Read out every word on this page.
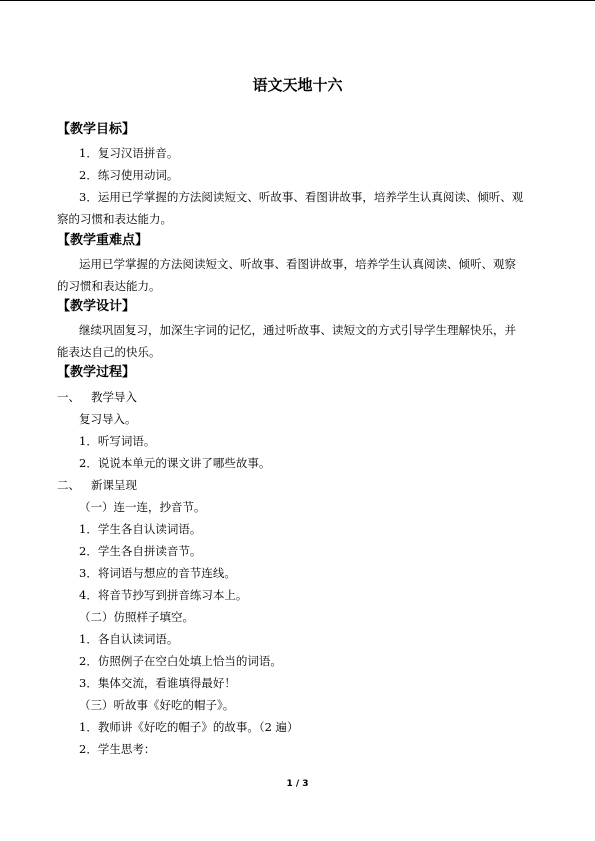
语文天地十六
【教学目标】
1．复习汉语拼音。
2．练习使用动词。
3．运用已学掌握的方法阅读短文、听故事、看图讲故事，培养学生认真阅读、倾听、观
察的习惯和表达能力。
【教学重难点】
运用已学掌握的方法阅读短文、听故事、看图讲故事，培养学生认真阅读、倾听、观察
的习惯和表达能力。
【教学设计】
继续巩固复习，加深生字词的记忆，通过听故事、读短文的方式引导学生理解快乐，并
能表达自己的快乐。
【教学过程】
一、 教学导入
复习导入。
1．听写词语。
2．说说本单元的课文讲了哪些故事。
二、 新课呈现
（一）连一连，抄音节。
1．学生各自认读词语。
2．学生各自拼读音节。
3．将词语与想应的音节连线。
4．将音节抄写到拼音练习本上。
（二）仿照样子填空。
1．各自认读词语。
2．仿照例子在空白处填上恰当的词语。
3．集体交流，看谁填得最好！
（三）听故事《好吃的帽子》。
1．教师讲《好吃的帽子》的故事。（2 遍）
2．学生思考：
1 / 3
